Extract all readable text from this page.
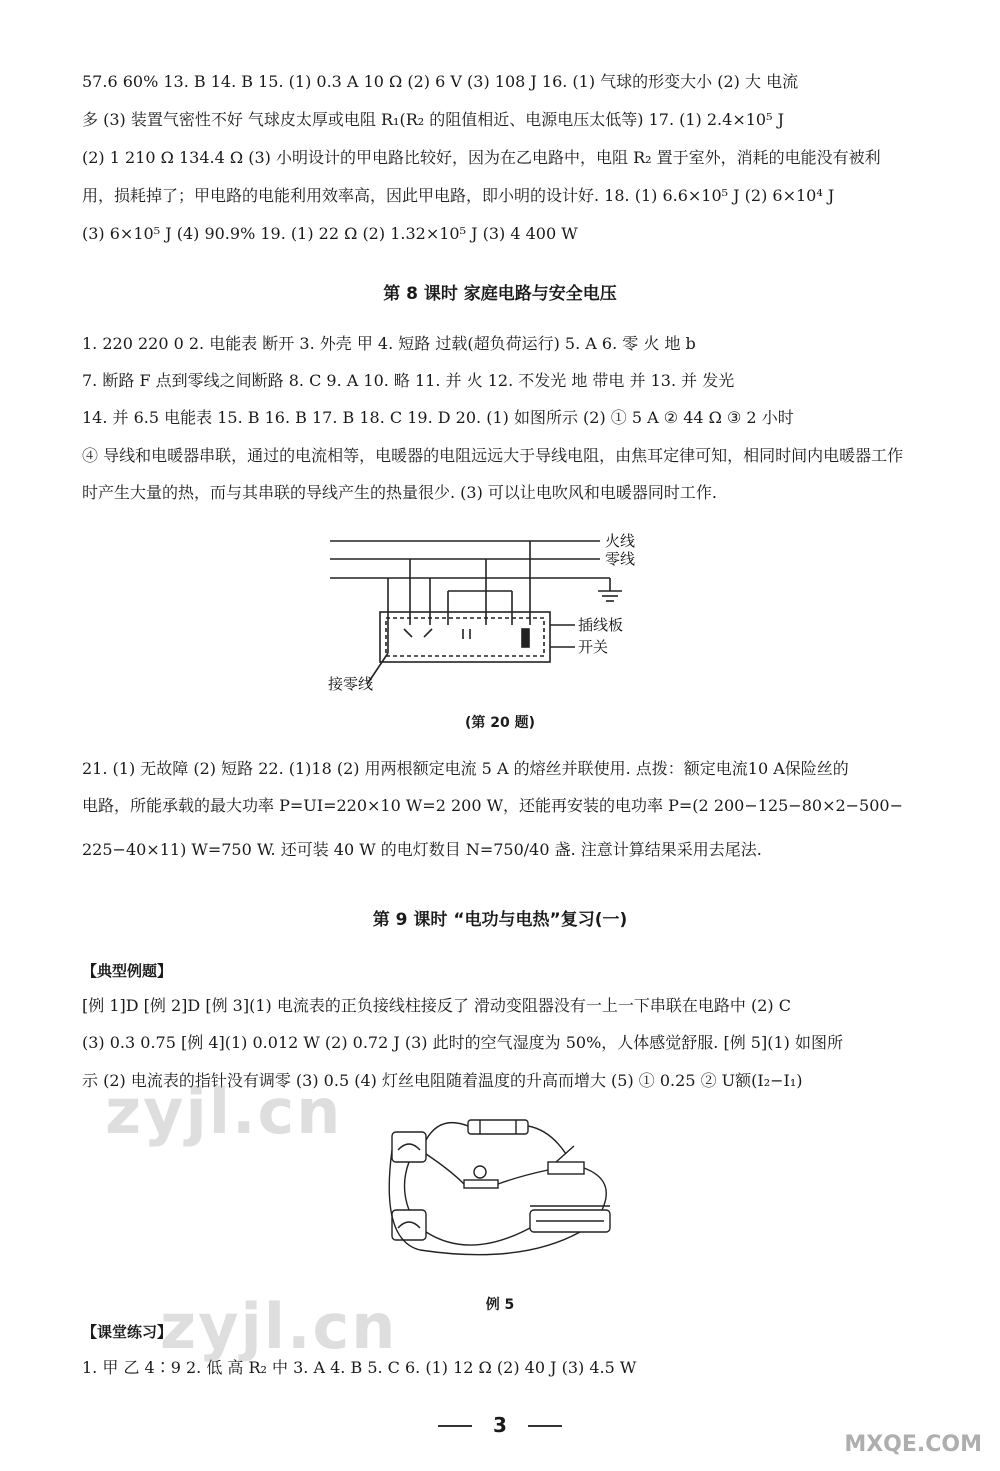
57.6 60% 13. B 14. B 15. (1) 0.3 A 10 Ω (2) 6 V (3) 108 J 16. (1) 气球的形变大小 (2) 大 电流
多 (3) 装置气密性不好 气球皮太厚或电阻 R₁(R₂ 的阻值相近、电源电压太低等) 17. (1) 2.4×10⁵ J
(2) 1 210 Ω 134.4 Ω (3) 小明设计的甲电路比较好，因为在乙电路中，电阻 R₂ 置于室外，消耗的电能没有被利
用，损耗掉了；甲电路的电能利用效率高，因此甲电路，即小明的设计好. 18. (1) 6.6×10⁵ J (2) 6×10⁴ J
(3) 6×10⁵ J (4) 90.9% 19. (1) 22 Ω (2) 1.32×10⁵ J (3) 4 400 W
第 8 课时 家庭电路与安全电压
1. 220 220 0 2. 电能表 断开 3. 外壳 甲 4. 短路 过载(超负荷运行) 5. A 6. 零 火 地 b
7. 断路 F 点到零线之间断路 8. C 9. A 10. 略 11. 并 火 12. 不发光 地 带电 并 13. 并 发光
14. 并 6.5 电能表 15. B 16. B 17. B 18. C 19. D 20. (1) 如图所示 (2) ① 5 A ② 44 Ω ③ 2 小时
④ 导线和电暖器串联，通过的电流相等，电暖器的电阻远远大于导线电阻，由焦耳定律可知，相同时间内电暖器工作
时产生大量的热，而与其串联的导线产生的热量很少. (3) 可以让电吹风和电暖器同时工作.
火线
零线
插线板
开关
接零线
(第 20 题)
21. (1) 无故障 (2) 短路 22. (1)18 (2) 用两根额定电流 5 A 的熔丝并联使用. 点拨：额定电流10 A保险丝的
电路，所能承载的最大功率 P=UI=220×10 W=2 200 W，还能再安装的电功率 P=(2 200−125−80×2−500−
225−40×11) W=750 W. 还可装 40 W 的电灯数目 N=750/40 盏. 注意计算结果采用去尾法.
第 9 课时 “电功与电热”复习(一)
【典型例题】
[例 1]D [例 2]D [例 3](1) 电流表的正负接线柱接反了 滑动变阻器没有一上一下串联在电路中 (2) C
(3) 0.3 0.75 [例 4](1) 0.012 W (2) 0.72 J (3) 此时的空气湿度为 50%，人体感觉舒服. [例 5](1) 如图所
示 (2) 电流表的指针没有调零 (3) 0.5 (4) 灯丝电阻随着温度的升高而增大 (5) ① 0.25 ② U额(I₂−I₁)
例 5
【课堂练习】
1. 甲 乙 4∶9 2. 低 高 R₂ 中 3. A 4. B 5. C 6. (1) 12 Ω (2) 40 J (3) 4.5 W
3
zyjl.cn
zyjl.cn
MXQE.COM
